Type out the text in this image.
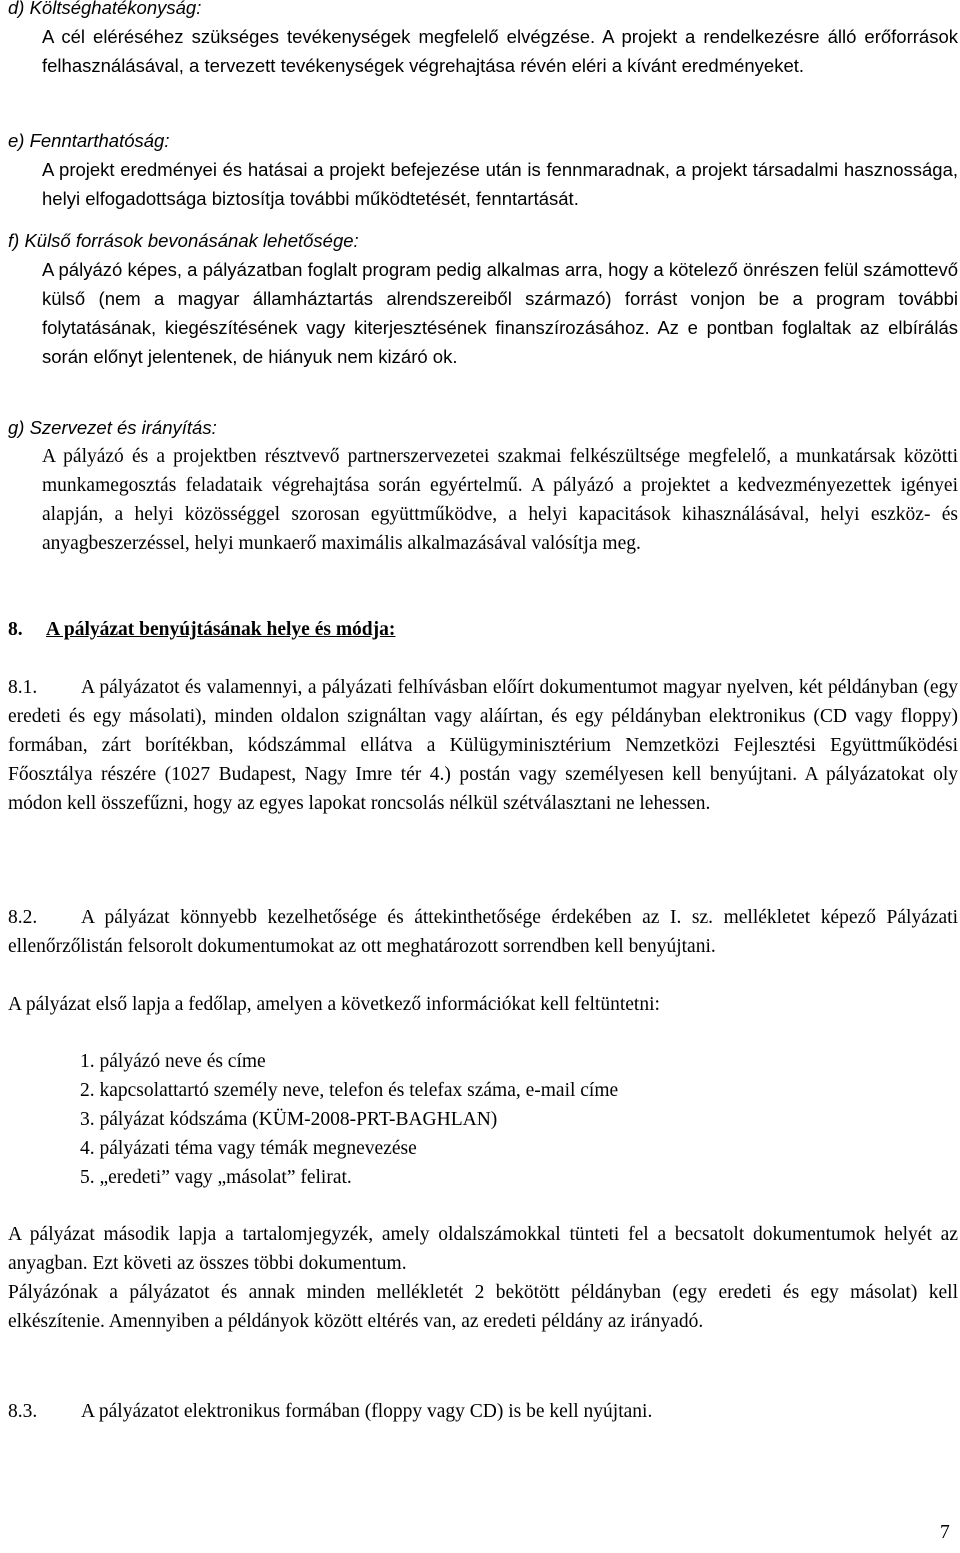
d) Költséghatékonyság:

A cél eléréséhez szükséges tevékenységek megfelelő elvégzése. A projekt a rendelkezésre álló erőforrások felhasználásával, a tervezett tevékenységek végrehajtása révén eléri a kívánt eredményeket.

e) Fenntarthatóság:

A projekt eredményei és hatásai a projekt befejezése után is fennmaradnak, a projekt társadalmi hasznossága, helyi elfogadottsága biztosítja további működtetését, fenntartását.

f) Külső források bevonásának lehetősége:

A pályázó képes, a pályázatban foglalt program pedig alkalmas arra, hogy a kötelező önrészen felül számottevő külső (nem a magyar államháztartás alrendszereiből származó) forrást vonjon be a program további folytatásának, kiegészítésének vagy kiterjesztésének finanszírozásához. Az e pontban foglaltak az elbírálás során előnyt jelentenek, de hiányuk nem kizáró ok.

g) Szervezet és irányítás:

A pályázó és a projektben résztvevő partnerszervezetei szakmai felkészültsége megfelelő, a munkatársak közötti munkamegosztás feladataik végrehajtása során egyértelmű. A pályázó a projektet a kedvezményezettek igényei alapján, a helyi közösséggel szorosan együttműködve, a helyi kapacitások kihasználásával, helyi eszköz- és anyagbeszerzéssel, helyi munkaerő maximális alkalmazásával valósítja meg.

8. A pályázat benyújtásának helye és módja:

8.1. A pályázatot és valamennyi, a pályázati felhívásban előírt dokumentumot magyar nyelven, két példányban (egy eredeti és egy másolati), minden oldalon szignáltan vagy aláírtan, és egy példányban elektronikus (CD vagy floppy) formában, zárt borítékban, kódszámmal ellátva a Külügyminisztérium Nemzetközi Fejlesztési Együttműködési Főosztálya részére (1027 Budapest, Nagy Imre tér 4.) postán vagy személyesen kell benyújtani. A pályázatokat oly módon kell összefűzni, hogy az egyes lapokat roncsolás nélkül szétválasztani ne lehessen.

8.2. A pályázat könnyebb kezelhetősége és áttekinthetősége érdekében az I. sz. mellékletet képező Pályázati ellenőrzőlistán felsorolt dokumentumokat az ott meghatározott sorrendben kell benyújtani.

A pályázat első lapja a fedőlap, amelyen a következő információkat kell feltüntetni:

1. pályázó neve és címe
2. kapcsolattartó személy neve, telefon és telefax száma, e-mail címe
3. pályázat kódszáma (KÜM-2008-PRT-BAGHLAN)
4. pályázati téma vagy témák megnevezése
5. „eredeti” vagy „másolat” felirat.

A pályázat második lapja a tartalomjegyzék, amely oldalszámokkal tünteti fel a becsatolt dokumentumok helyét az anyagban. Ezt követi az összes többi dokumentum.

Pályázónak a pályázatot és annak minden mellékletét 2 bekötött példányban (egy eredeti és egy másolat) kell elkészítenie. Amennyiben a példányok között eltérés van, az eredeti példány az irányadó.

8.3. A pályázatot elektronikus formában (floppy vagy CD) is be kell nyújtani.

7
